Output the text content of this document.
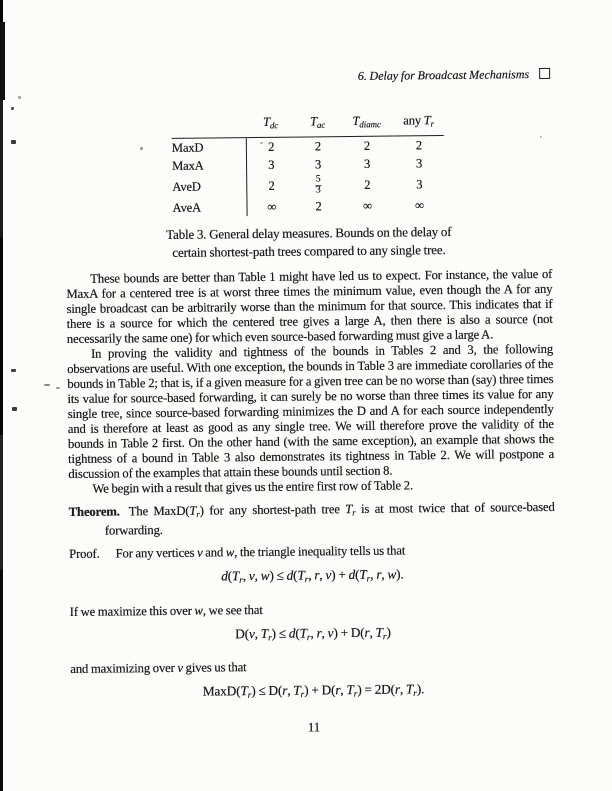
6. Delay for Broadcast Mechanisms
	Tdc	Tac	Tdiamc	any Tr
MaxD	2	2	2	2
MaxA	3	3	3	3
AveD	2	$\frac{5}{3}$	2	3
AveA	∞	2	∞	∞
Table 3. General delay measures. Bounds on the delay of
certain shortest-path trees compared to any single tree.

These bounds are better than Table 1 might have led us to expect. For instance, the value of MaxA for a centered tree is at worst three times the minimum value, even though the A for any single broadcast can be arbitrarily worse than the minimum for that source. This indicates that if there is a source for which the centered tree gives a large A, then there is also a source (not necessarily the same one) for which even source-based forwarding must give a large A.

In proving the validity and tightness of the bounds in Tables 2 and 3, the following observations are useful. With one exception, the bounds in Table 3 are immediate corollaries of the bounds in Table 2; that is, if a given measure for a given tree can be no worse than (say) three times its value for source-based forwarding, it can surely be no worse than three times its value for any single tree, since source-based forwarding minimizes the D and A for each source independently and is therefore at least as good as any single tree. We will therefore prove the validity of the bounds in Table 2 first. On the other hand (with the same exception), an example that shows the tightness of a bound in Table 3 also demonstrates its tightness in Table 2. We will postpone a discussion of the examples that attain these bounds until section 8.

We begin with a result that gives us the entire first row of Table 2.

Theorem. The $MaxD(T_r)$ for any shortest-path tree $T_r$ is at most twice that of source-based forwarding.
Proof. For any vertices v and w, the triangle inequality tells us that
$d(T_r$, v, $w) \le d(T_r$, r, $v) + d(T_r$, r, w).

If we maximize this over w, we see that

D(v, $T_r) \le d(T_r$, r, v) + D(r, $T_r$)

and maximizing over v gives us that

$MaxD(T_r) \le D(r$, $T_r) + D(r$, $T_r) = 2D(r$, $T_r$).
11
